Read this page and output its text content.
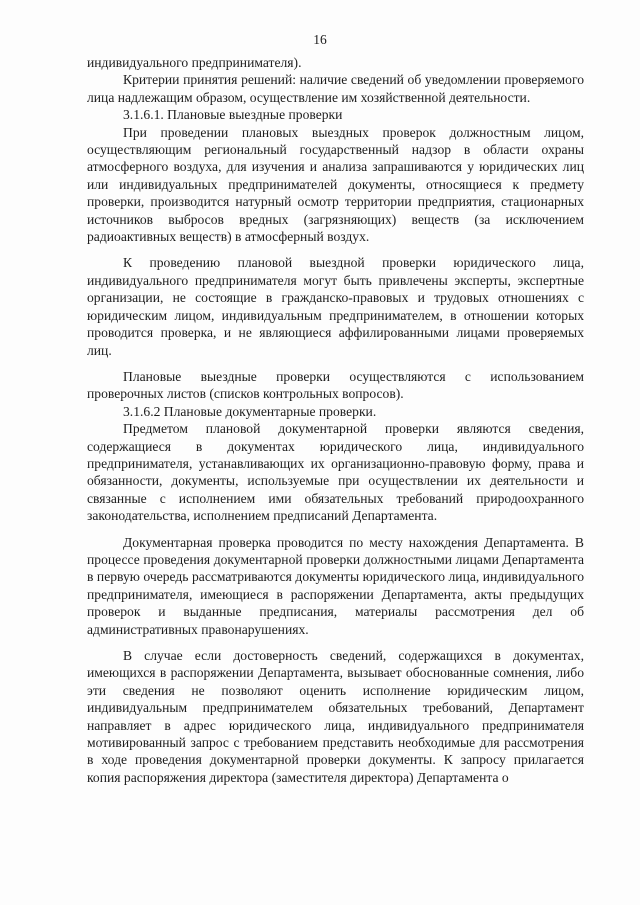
16

индивидуального предпринимателя).

Критерии принятия решений: наличие сведений об уведомлении проверяемого лица надлежащим образом, осуществление им хозяйственной деятельности.

3.1.6.1. Плановые выездные проверки

При проведении плановых выездных проверок должностным лицом, осуществляющим региональный государственный надзор в области охраны атмосферного воздуха, для изучения и анализа запрашиваются у юридических лиц или индивидуальных предпринимателей документы, относящиеся к предмету проверки, производится натурный осмотр территории предприятия, стационарных источников выбросов вредных (загрязняющих) веществ (за исключением радиоактивных веществ) в атмосферный воздух.

К проведению плановой выездной проверки юридического лица, индивидуального предпринимателя могут быть привлечены эксперты, экспертные организации, не состоящие в гражданско-правовых и трудовых отношениях с юридическим лицом, индивидуальным предпринимателем, в отношении которых проводится проверка, и не являющиеся аффилированными лицами проверяемых лиц.

Плановые выездные проверки осуществляются с использованием проверочных листов (списков контрольных вопросов).

3.1.6.2 Плановые документарные проверки.

Предметом плановой документарной проверки являются сведения, содержащиеся в документах юридического лица, индивидуального предпринимателя, устанавливающих их организационно-правовую форму, права и обязанности, документы, используемые при осуществлении их деятельности и связанные с исполнением ими обязательных требований природоохранного законодательства, исполнением предписаний Департамента.

Документарная проверка проводится по месту нахождения Департамента. В процессе проведения документарной проверки должностными лицами Департамента в первую очередь рассматриваются документы юридического лица, индивидуального предпринимателя, имеющиеся в распоряжении Департамента, акты предыдущих проверок и выданные предписания, материалы рассмотрения дел об административных правонарушениях.

В случае если достоверность сведений, содержащихся в документах, имеющихся в распоряжении Департамента, вызывает обоснованные сомнения, либо эти сведения не позволяют оценить исполнение юридическим лицом, индивидуальным предпринимателем обязательных требований, Департамент направляет в адрес юридического лица, индивидуального предпринимателя мотивированный запрос с требованием представить необходимые для рассмотрения в ходе проведения документарной проверки документы. К запросу прилагается копия распоряжения директора (заместителя директора) Департамента о
